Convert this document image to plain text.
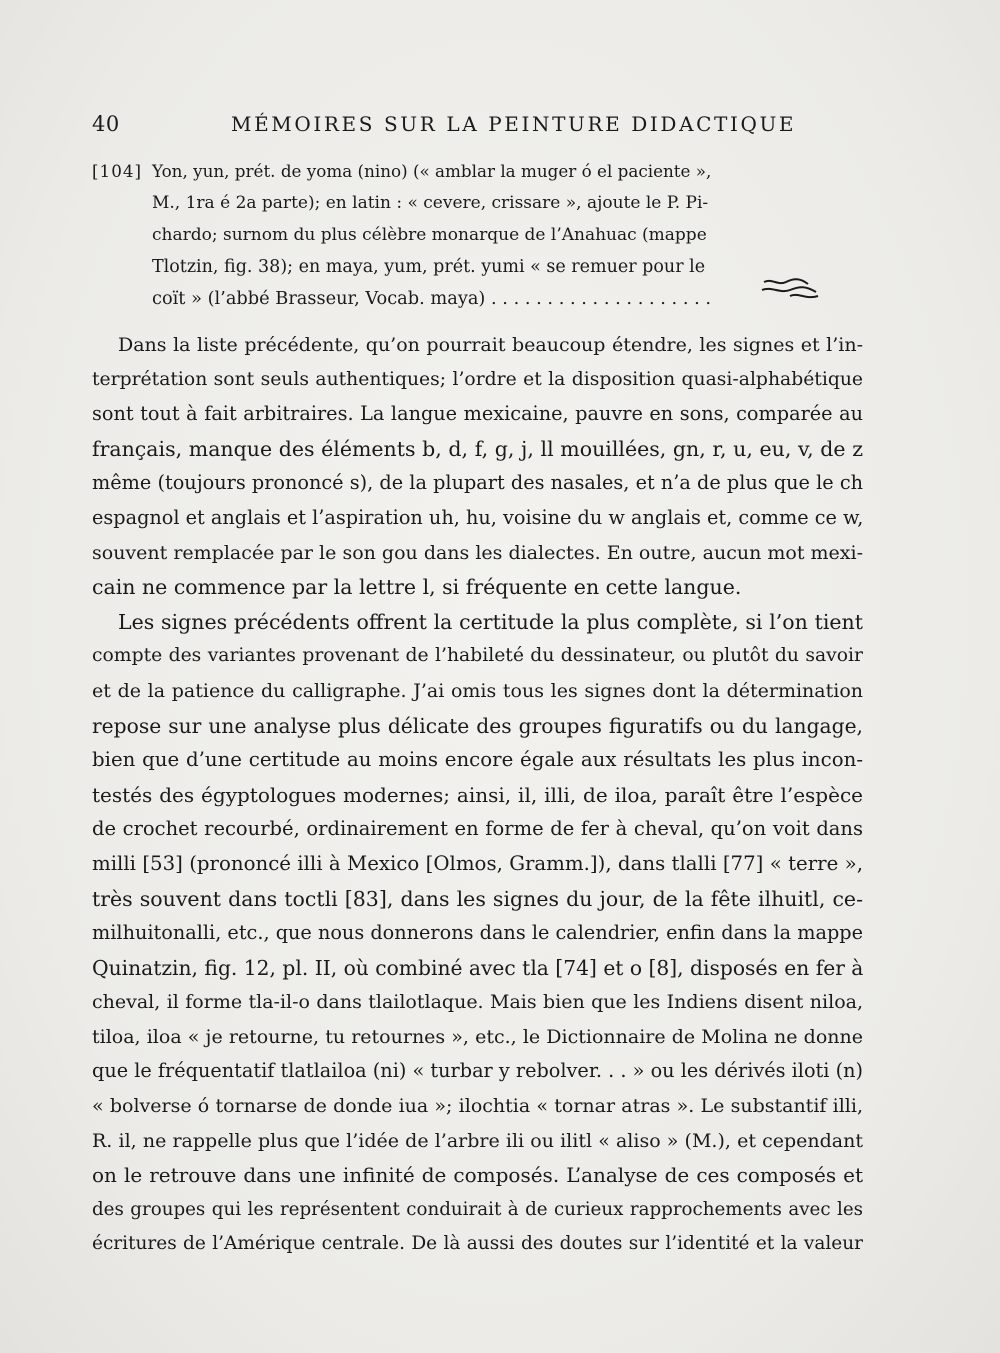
40	MÉMOIRES SUR LA PEINTURE DIDACTIQUE
[104] Yon, yun, prét. de yoma (nino) (« amblar la muger ó el paciente »,
M., 1ra é 2a parte); en latin : « cevere, crissare », ajoute le P. Pi-
chardo; surnom du plus célèbre monarque de l’Anahuac (mappe
Tlotzin, fig. 38); en maya, yum, prét. yumi « se remuer pour le
coït » (l’abbé Brasseur, Vocab. maya) . . . . . . . . . . . . . . . . . . . .
Dans la liste précédente, qu’on pourrait beaucoup étendre, les signes et l’in-
terprétation sont seuls authentiques; l’ordre et la disposition quasi-alphabétique
sont tout à fait arbitraires. La langue mexicaine, pauvre en sons, comparée au
français, manque des éléments b, d, f, g, j, ll mouillées, gn, r, u, eu, v, de z
même (toujours prononcé s), de la plupart des nasales, et n’a de plus que le ch
espagnol et anglais et l’aspiration uh, hu, voisine du w anglais et, comme ce w,
souvent remplacée par le son gou dans les dialectes. En outre, aucun mot mexi-
cain ne commence par la lettre l, si fréquente en cette langue.
Les signes précédents offrent la certitude la plus complète, si l’on tient
compte des variantes provenant de l’habileté du dessinateur, ou plutôt du savoir
et de la patience du calligraphe. J’ai omis tous les signes dont la détermination
repose sur une analyse plus délicate des groupes figuratifs ou du langage,
bien que d’une certitude au moins encore égale aux résultats les plus incon-
testés des égyptologues modernes; ainsi, il, illi, de iloa, paraît être l’espèce
de crochet recourbé, ordinairement en forme de fer à cheval, qu’on voit dans
milli [53] (prononcé illi à Mexico [Olmos, Gramm.]), dans tlalli [77] « terre »,
très souvent dans toctli [83], dans les signes du jour, de la fête ilhuitl, ce-
milhuitonalli, etc., que nous donnerons dans le calendrier, enfin dans la mappe
Quinatzin, fig. 12, pl. II, où combiné avec tla [74] et o [8], disposés en fer à
cheval, il forme tla-il-o dans tlailotlaque. Mais bien que les Indiens disent niloa,
tiloa, iloa « je retourne, tu retournes », etc., le Dictionnaire de Molina ne donne
que le fréquentatif tlatlailoa (ni) « turbar y rebolver. . . » ou les dérivés iloti (n)
« bolverse ó tornarse de donde iua »; ilochtia « tornar atras ». Le substantif illi,
R. il, ne rappelle plus que l’idée de l’arbre ili ou ilitl « aliso » (M.), et cependant
on le retrouve dans une infinité de composés. L’analyse de ces composés et
des groupes qui les représentent conduirait à de curieux rapprochements avec les
écritures de l’Amérique centrale. De là aussi des doutes sur l’identité et la valeur
